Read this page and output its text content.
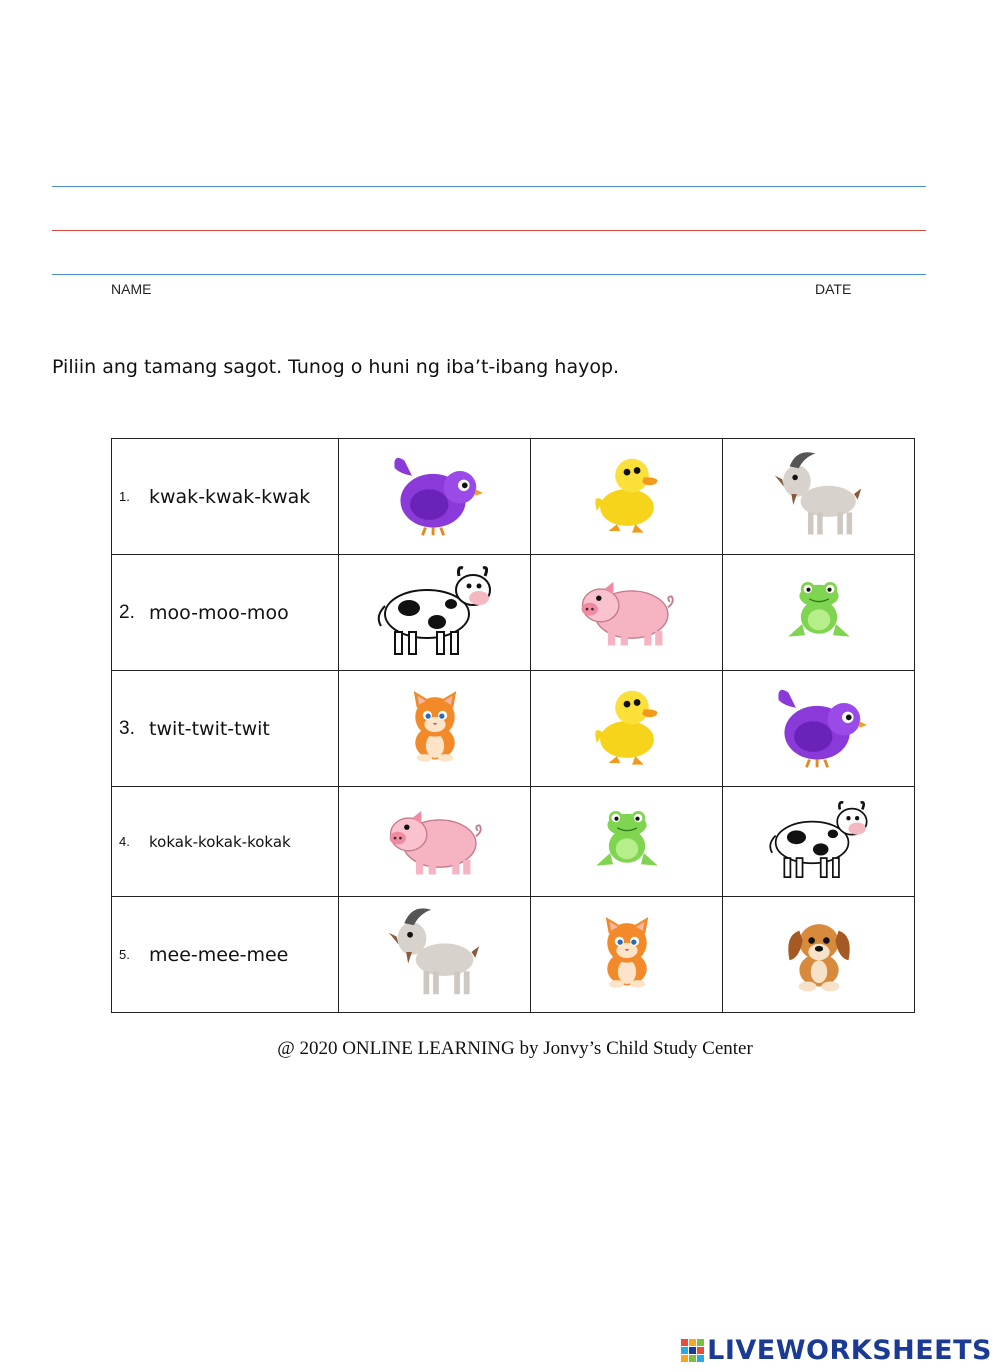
NAME	DATE
Piliin ang tamang sagot. Tunog o huni ng iba’t-ibang hayop.
1. kwak-kwak-kwak

2. moo-moo-moo

3. twit-twit-twit

4. kokak-kokak-kokak

5. mee-mee-mee

@ 2020 ONLINE LEARNING by Jonvy’s Child Study Center
LIVEWORKSHEETS
